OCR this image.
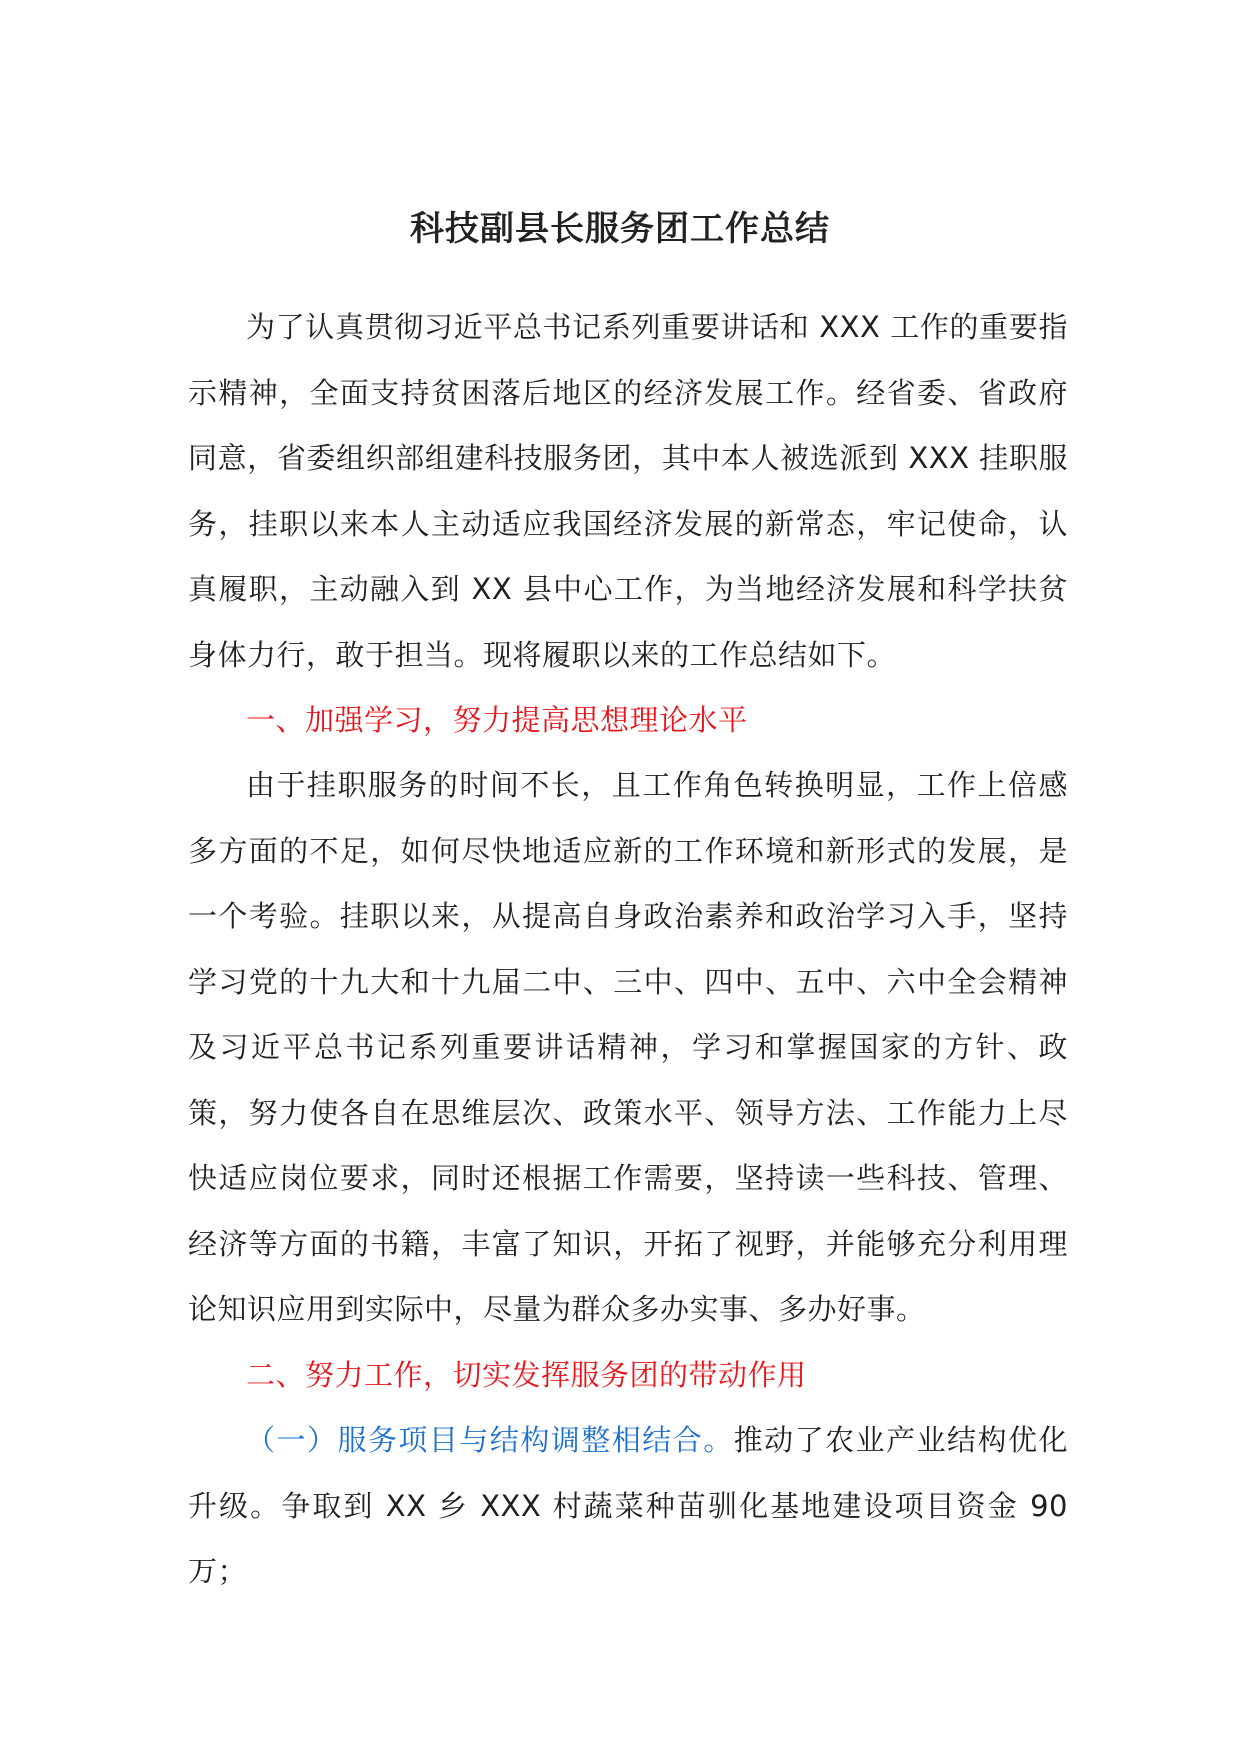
科技副县长服务团工作总结
为了认真贯彻习近平总书记系列重要讲话和 XXX 工作的重要指示精神，全面支持贫困落后地区的经济发展工作。经省委、省政府同意，省委组织部组建科技服务团，其中本人被选派到 XXX 挂职服务，挂职以来本人主动适应我国经济发展的新常态，牢记使命，认真履职，主动融入到 XX 县中心工作，为当地经济发展和科学扶贫身体力行，敢于担当。现将履职以来的工作总结如下。
一、加强学习，努力提高思想理论水平
由于挂职服务的时间不长，且工作角色转换明显，工作上倍感多方面的不足，如何尽快地适应新的工作环境和新形式的发展，是一个考验。挂职以来，从提高自身政治素养和政治学习入手，坚持学习党的十九大和十九届二中、三中、四中、五中、六中全会精神及习近平总书记系列重要讲话精神，学习和掌握国家的方针、政策，努力使各自在思维层次、政策水平、领导方法、工作能力上尽快适应岗位要求，同时还根据工作需要，坚持读一些科技、管理、经济等方面的书籍，丰富了知识，开拓了视野，并能够充分利用理论知识应用到实际中，尽量为群众多办实事、多办好事。
二、努力工作，切实发挥服务团的带动作用
（一）服务项目与结构调整相结合。推动了农业产业结构优化升级。争取到 XX 乡 XXX 村蔬菜种苗驯化基地建设项目资金 90 万；
